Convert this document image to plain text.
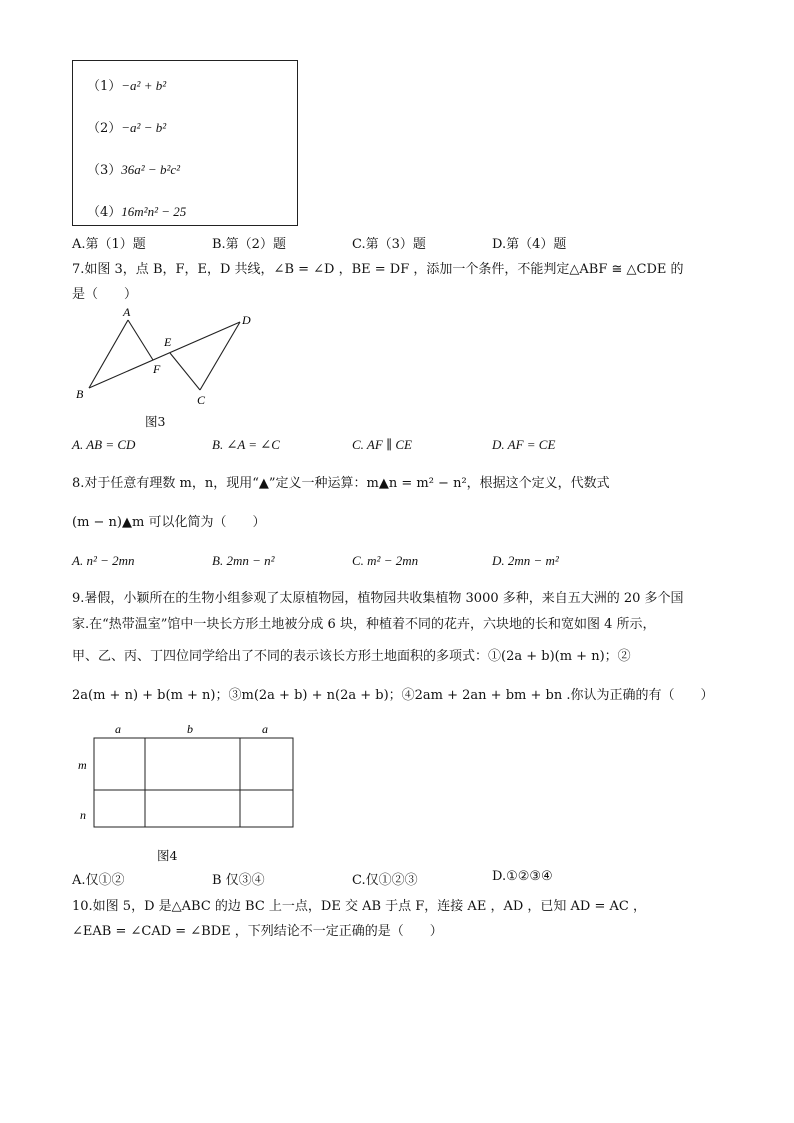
（1）−a² + b²
（2）−a² − b²
（3）36a² − b²c²
（4）16m²n² − 25
A.第（1）题	B.第（2）题	C.第（3）题	D.第（4）题
7.如图 3，点 B，F，E，D 共线，∠B = ∠D ，BE = DF ，添加一个条件，不能判定△ABF ≅ △CDE 的
是（　　）
A
B	C
D
E
F
图3
A. AB = CD	B. ∠A = ∠C	C. AF ∥ CE	D. AF = CE
8.对于任意有理数 m，n，现用“▲”定义一种运算：m▲n = m² − n²，根据这个定义，代数式
(m − n)▲m 可以化简为（　　）
A. n² − 2mn	B. 2mn − n²	C. m² − 2mn	D. 2mn − m²
9.暑假，小颖所在的生物小组参观了太原植物园，植物园共收集植物 3000 多种，来自五大洲的 20 多个国
家.在“热带温室”馆中一块长方形土地被分成 6 块，种植着不同的花卉，六块地的长和宽如图 4 所示，
甲、乙、丙、丁四位同学给出了不同的表示该长方形土地面积的多项式：①(2a + b)(m + n)；②
2a(m + n) + b(m + n)；③m(2a + b) + n(2a + b)；④2am + 2an + bm + bn .你认为正确的有（　　）
a	b	a
m
n
图4
A.仅①②	B 仅③④	C.仅①②③	D.①②③④
10.如图 5，D 是△ABC 的边 BC 上一点，DE 交 AB 于点 F，连接 AE ，AD ，已知 AD = AC ，
∠EAB = ∠CAD = ∠BDE ，下列结论不一定正确的是（　　）
